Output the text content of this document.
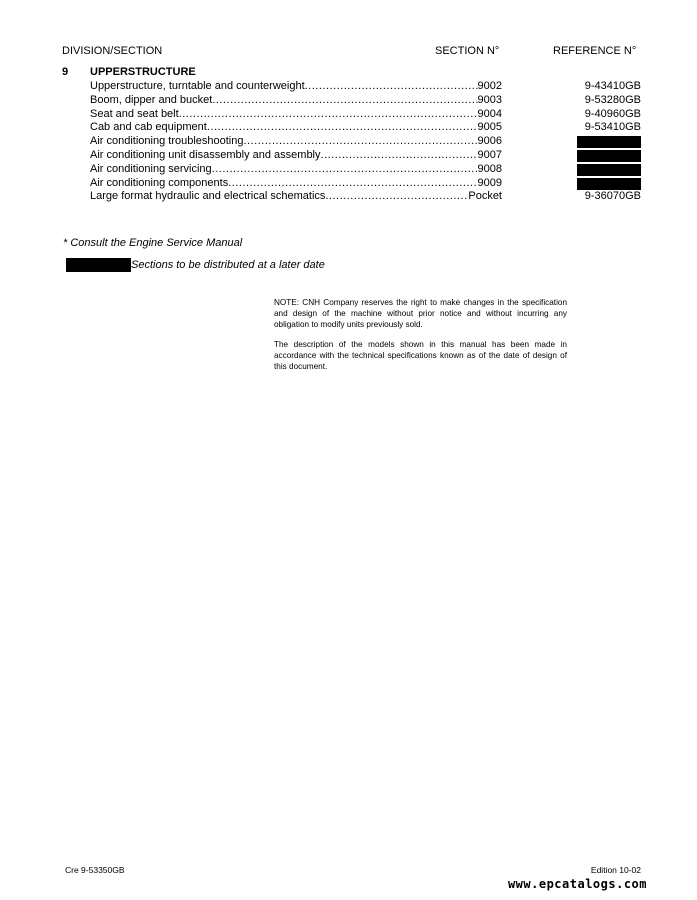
DIVISION/SECTION	SECTION N°	REFERENCE N°
9 UPPERSTRUCTURE
Upperstructure, turntable and counterweight .....	9002	9-43410GB
Boom, dipper and bucket .....	9003	9-53280GB
Seat and seat belt .....	9004	9-40960GB
Cab and cab equipment .....	9005	9-53410GB
Air conditioning troubleshooting .....	9006
Air conditioning unit disassembly and assembly .....	9007
Air conditioning servicing .....	9008
Air conditioning components .....	9009
Large format hydraulic and electrical schematics .....	Pocket	9-36070GB
* Consult the Engine Service Manual
Sections to be distributed at a later date

NOTE: CNH Company reserves the right to make changes in the specification and design of the machine without prior notice and without incurring any obligation to modify units previously sold.

The description of the models shown in this manual has been made in accordance with the technical specifications known as of the date of design of this document.

Cre 9-53350GB	Edition 10-02
www.epcatalogs.com
